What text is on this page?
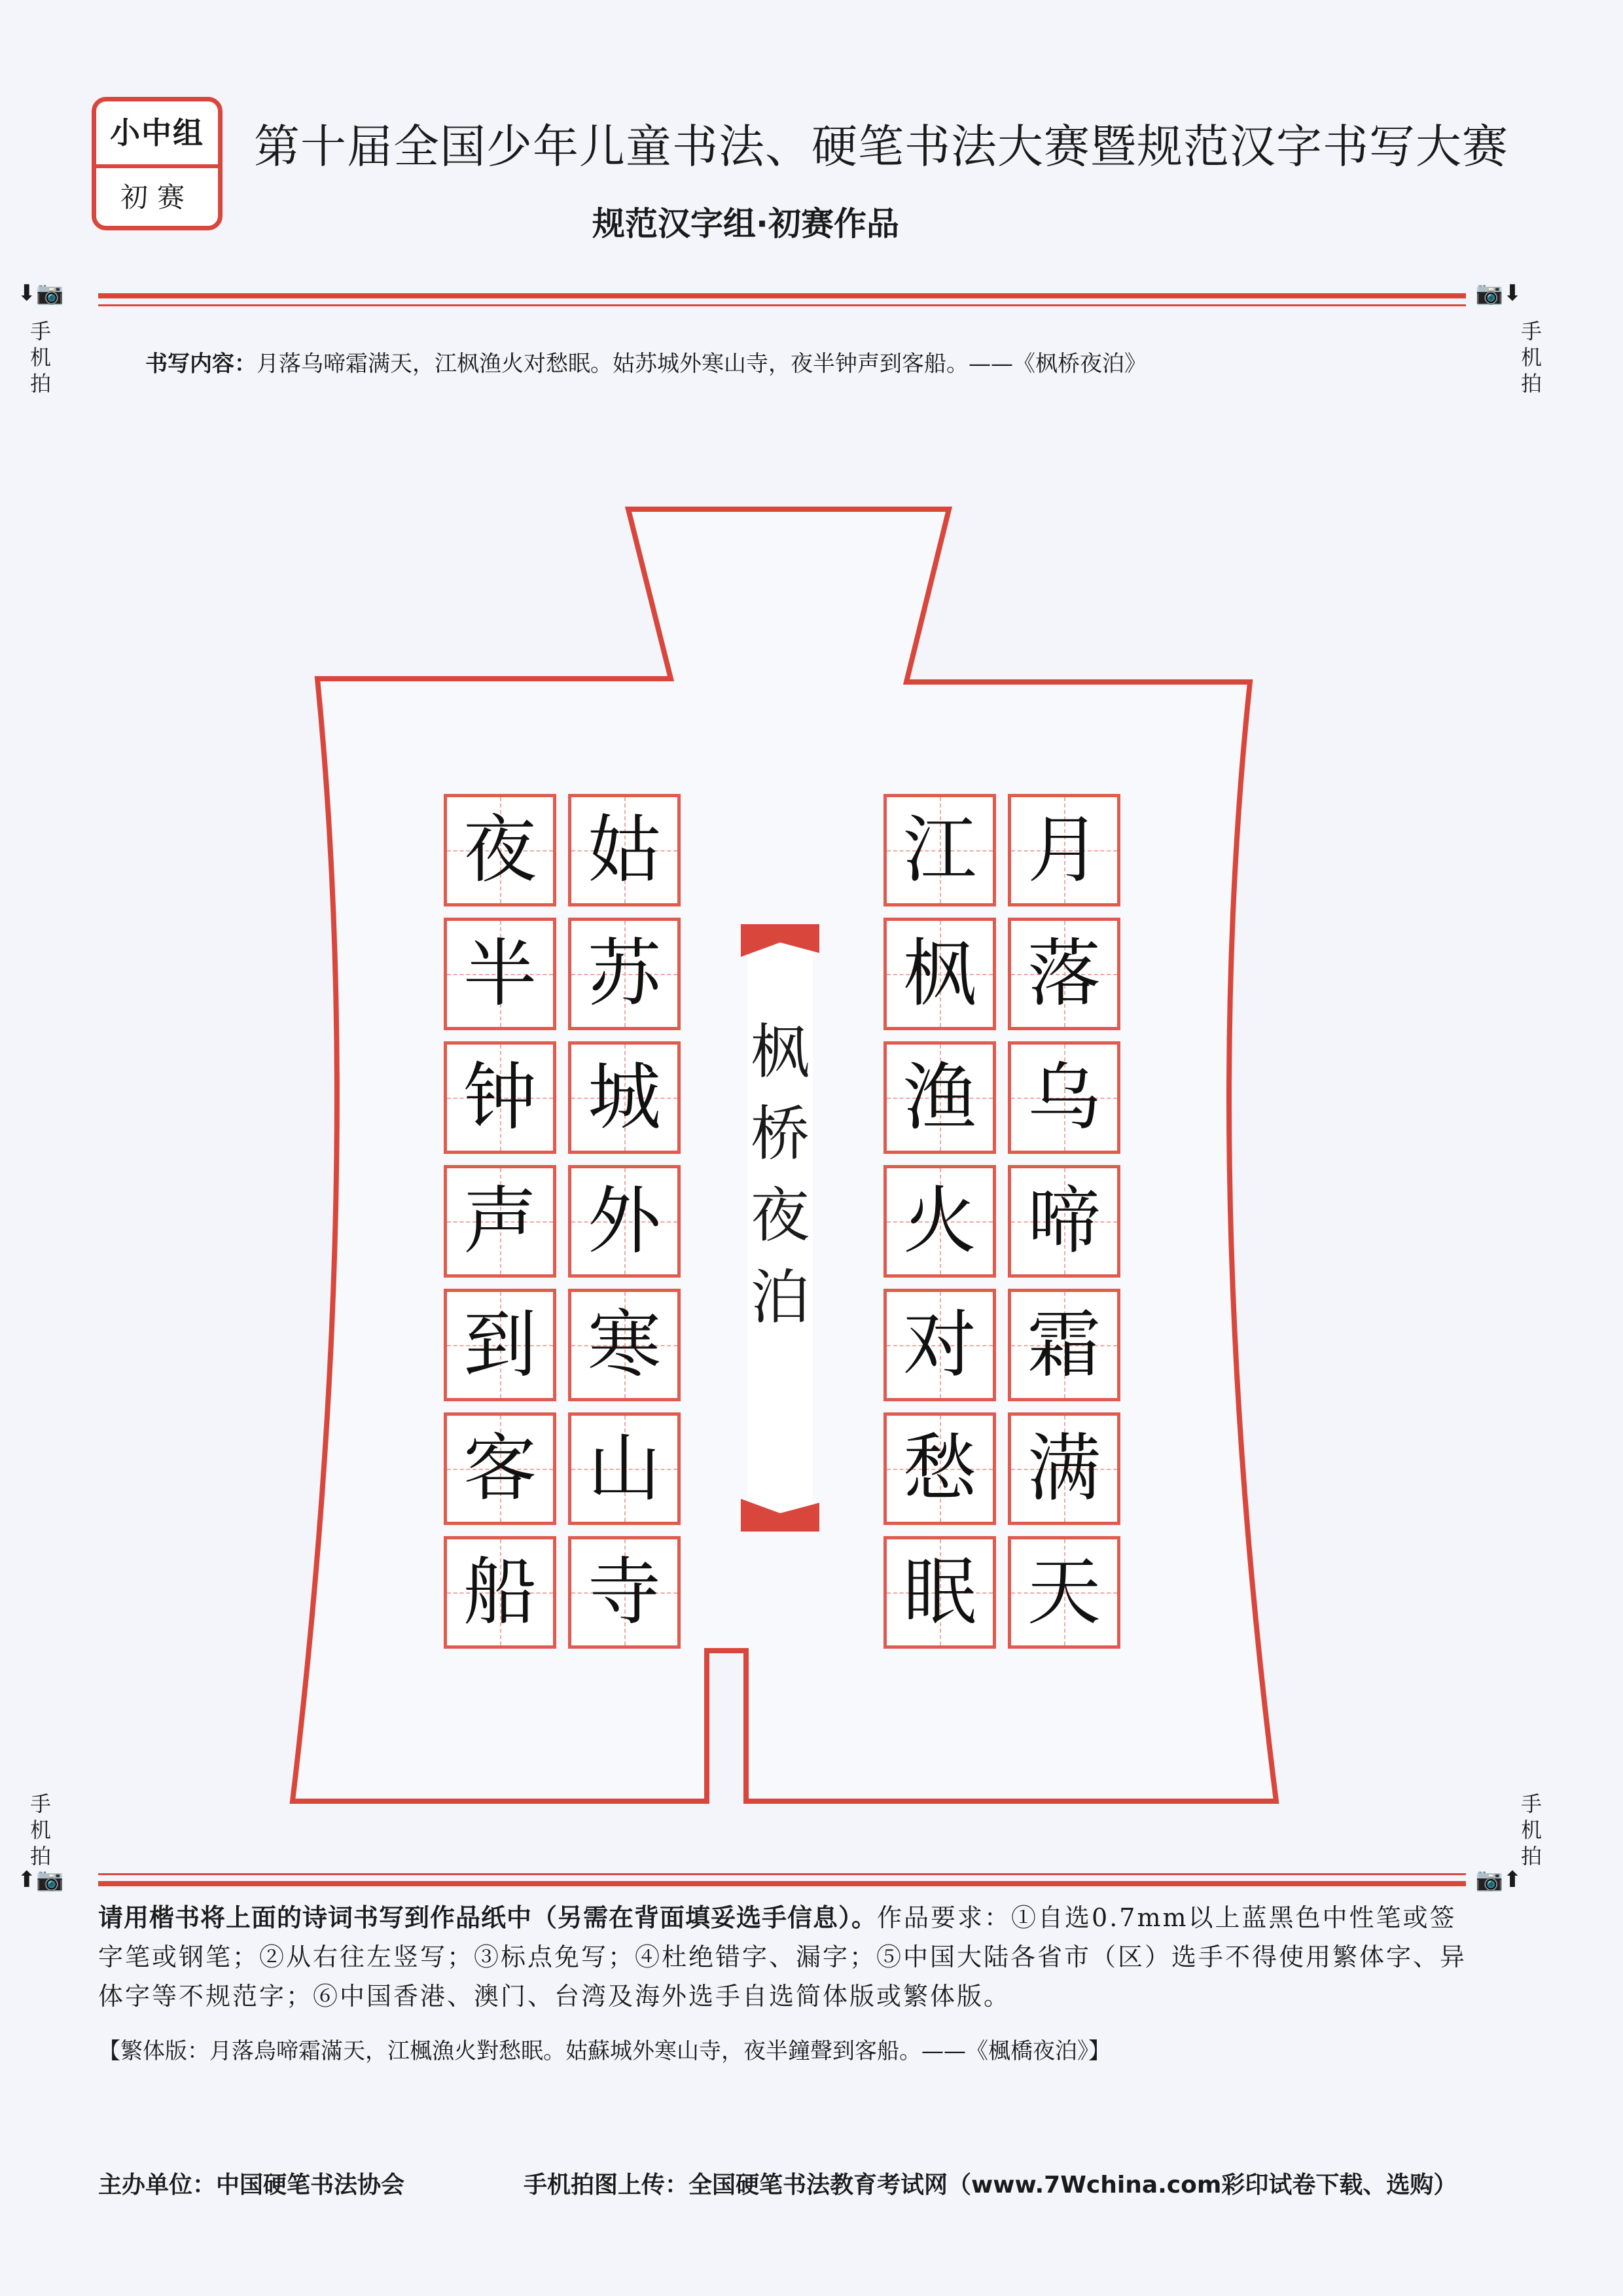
小中组
初赛
第十届全国少年儿童书法、硬笔书法大赛暨规范汉字书写大赛
规范汉字组·初赛作品
⬇📷
手机拍
📷⬇
手机拍
书写内容：月落乌啼霜满天，江枫渔火对愁眠。姑苏城外寒山寺，夜半钟声到客船。——《枫桥夜泊》
枫桥夜泊
月
落
乌
啼
霜
满
天
江
枫
渔
火
对
愁
眠
姑
苏
城
外
寒
山
寺
夜
半
钟
声
到
客
船
手机拍
⬆📷
手机拍
📷⬆
请用楷书将上面的诗词书写到作品纸中（另需在背面填妥选手信息）。作品要求：①自选0.7mm以上蓝黑色中性笔或签字笔或钢笔；②从右往左竖写；③标点免写；④杜绝错字、漏字；⑤中国大陆各省市（区）选手不得使用繁体字、异体字等不规范字；⑥中国香港、澳门、台湾及海外选手自选简体版或繁体版。
【繁体版：月落烏啼霜滿天，江楓漁火對愁眠。姑蘇城外寒山寺，夜半鐘聲到客船。——《楓橋夜泊》】
主办单位：中国硬笔书法协会	手机拍图上传：全国硬笔书法教育考试网（www.7Wchina.com彩印试卷下载、选购）
